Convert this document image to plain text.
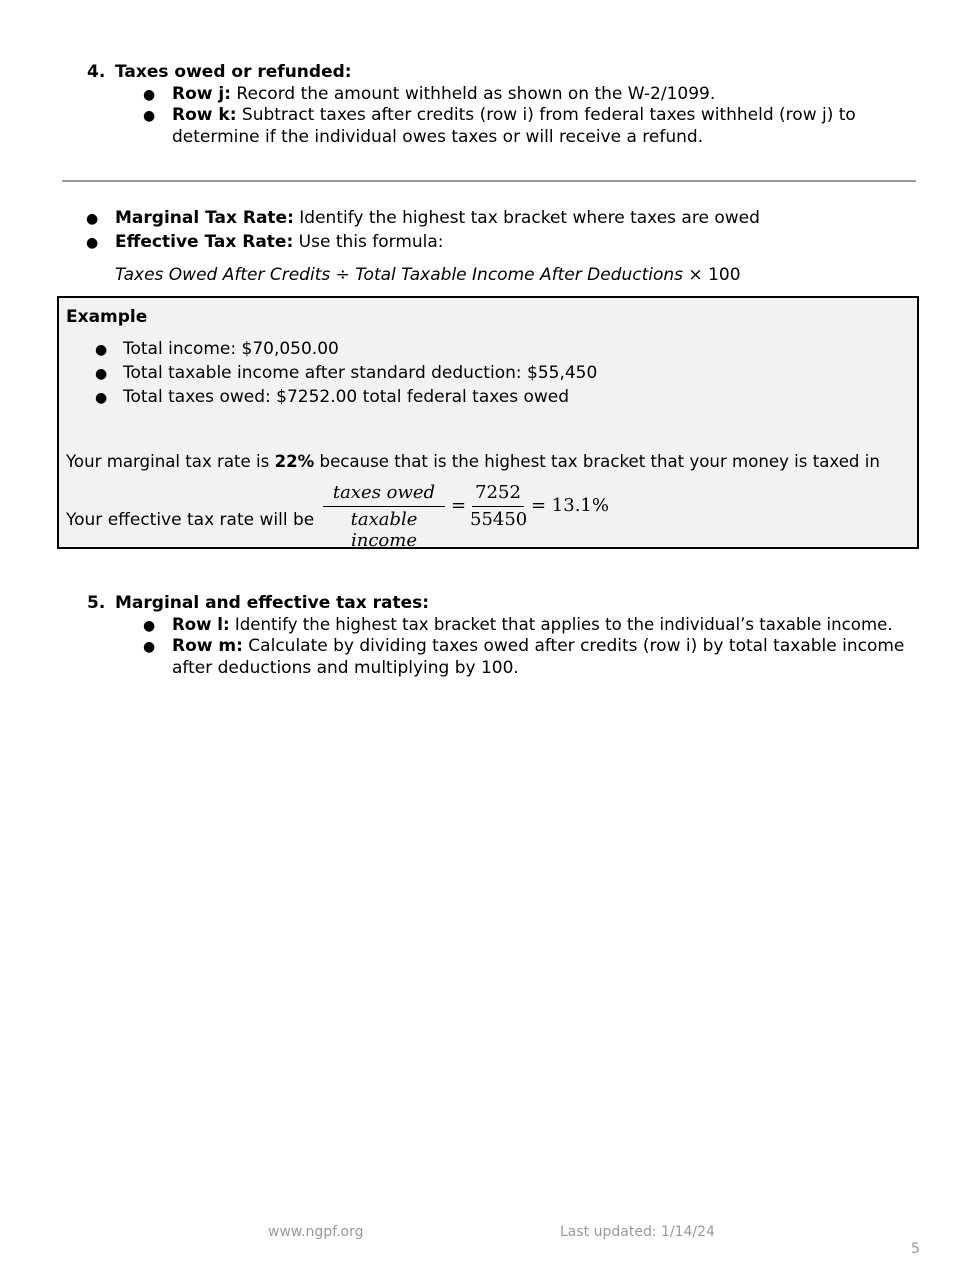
4. Taxes owed or refunded:
● Row j: Record the amount withheld as shown on the W-2/1099.
● Row k: Subtract taxes after credits (row i) from federal taxes withheld (row j) to
determine if the individual owes taxes or will receive a refund.
● Marginal Tax Rate: Identify the highest tax bracket where taxes are owed
● Effective Tax Rate: Use this formula:
Taxes Owed After Credits ÷ Total Taxable Income After Deductions × 100
Example
● Total income: $70,050.00
● Total taxable income after standard deduction: $55,450
● Total taxes owed: $7252.00 total federal taxes owed
Your marginal tax rate is 22% because that is the highest tax bracket that your money is taxed in
Your effective tax rate will be
taxes owed
taxable income
=
7252
55450
= 13.1%
5. Marginal and effective tax rates:
● Row l: Identify the highest tax bracket that applies to the individual’s taxable income.
● Row m: Calculate by dividing taxes owed after credits (row i) by total taxable income
after deductions and multiplying by 100.
www.ngpf.org	Last updated: 1/14/24
5
